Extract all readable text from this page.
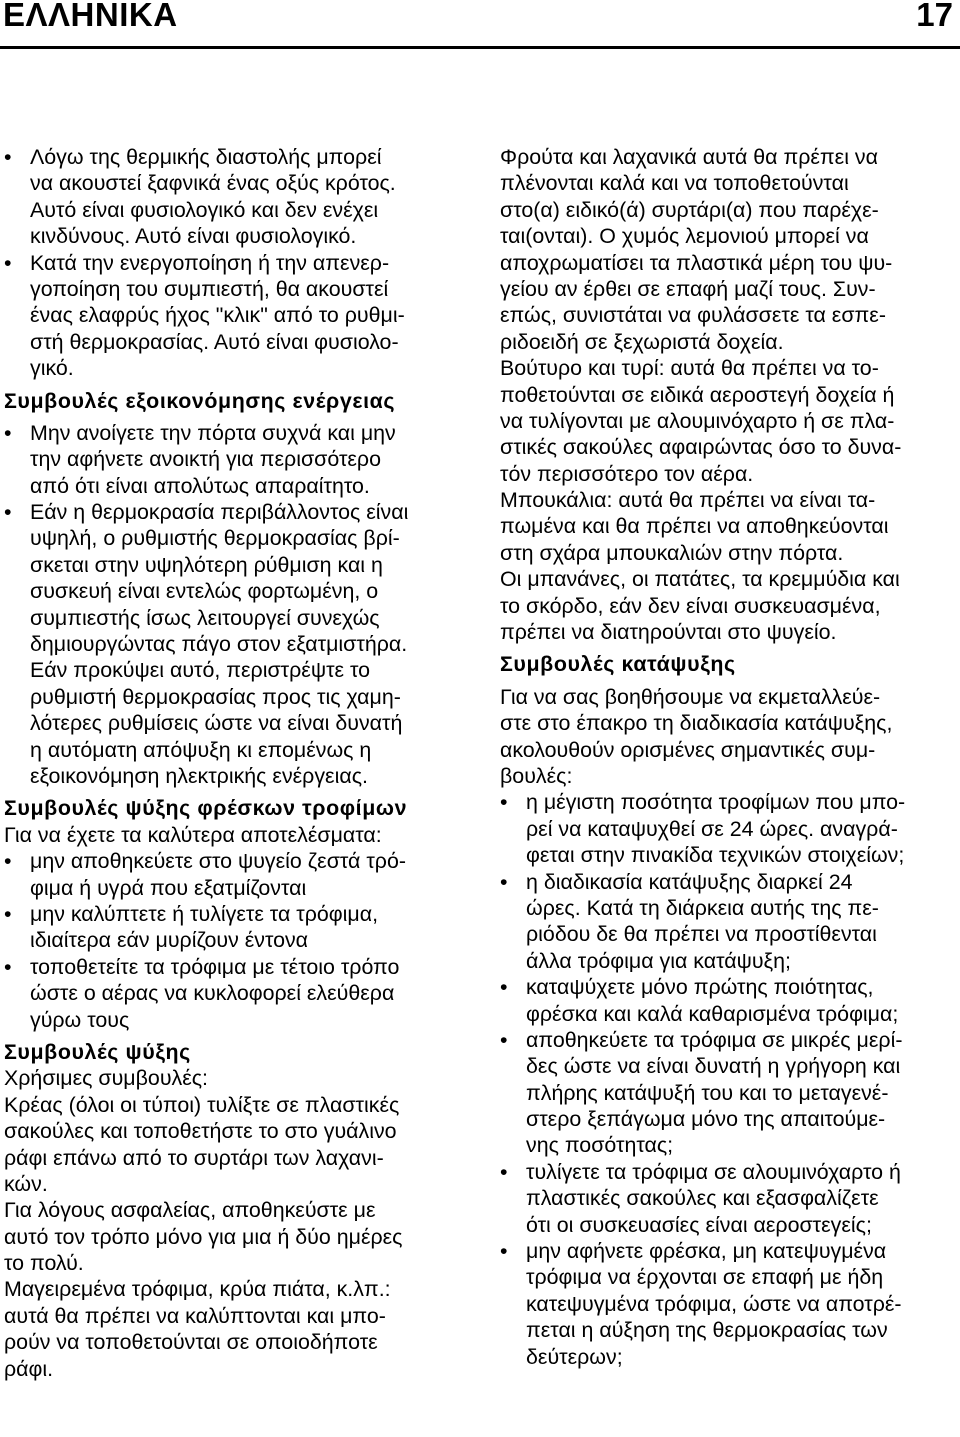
ΕΛΛΗΝΙΚΑ	17
• Λόγω της θερμικής διαστολής μπορεί
να ακουστεί ξαφνικά ένας οξύς κρότος.
Αυτό είναι φυσιολογικό και δεν ενέχει
κινδύνους. Αυτό είναι φυσιολογικό.
• Κατά την ενεργοποίηση ή την απενερ-
γοποίηση του συμπιεστή, θα ακουστεί
ένας ελαφρύς ήχος "κλικ" από το ρυθμι-
στή θερμοκρασίας. Αυτό είναι φυσιολο-
γικό.
Συμβουλές εξοικονόμησης ενέργειας
• Μην ανοίγετε την πόρτα συχνά και μην
την αφήνετε ανοικτή για περισσότερο
από ότι είναι απολύτως απαραίτητο.
• Εάν η θερμοκρασία περιβάλλοντος είναι
υψηλή, ο ρυθμιστής θερμοκρασίας βρί-
σκεται στην υψηλότερη ρύθμιση και η
συσκευή είναι εντελώς φορτωμένη, ο
συμπιεστής ίσως λειτουργεί συνεχώς
δημιουργώντας πάγο στον εξατμιστήρα.
Εάν προκύψει αυτό, περιστρέψτε το
ρυθμιστή θερμοκρασίας προς τις χαμη-
λότερες ρυθμίσεις ώστε να είναι δυνατή
η αυτόματη απόψυξη κι επομένως η
εξοικονόμηση ηλεκτρικής ενέργειας.
Συμβουλές ψύξης φρέσκων τροφίμων
Για να έχετε τα καλύτερα αποτελέσματα:
• μην αποθηκεύετε στο ψυγείο ζεστά τρό-
φιμα ή υγρά που εξατμίζονται
• μην καλύπτετε ή τυλίγετε τα τρόφιμα,
ιδιαίτερα εάν μυρίζουν έντονα
• τοποθετείτε τα τρόφιμα με τέτοιο τρόπο
ώστε ο αέρας να κυκλοφορεί ελεύθερα
γύρω τους
Συμβουλές ψύξης
Χρήσιμες συμβουλές:
Κρέας (όλοι οι τύποι) τυλίξτε σε πλαστικές
σακούλες και τοποθετήστε το στο γυάλινο
ράφι επάνω από το συρτάρι των λαχανι-
κών.
Για λόγους ασφαλείας, αποθηκεύστε με
αυτό τον τρόπο μόνο για μια ή δύο ημέρες
το πολύ.
Μαγειρεμένα τρόφιμα, κρύα πιάτα, κ.λπ.:
αυτά θα πρέπει να καλύπτονται και μπο-
ρούν να τοποθετούνται σε οποιοδήποτε
ράφι.
Φρούτα και λαχανικά αυτά θα πρέπει να
πλένονται καλά και να τοποθετούνται
στο(α) ειδικό(ά) συρτάρι(α) που παρέχε-
ται(ονται). Ο χυμός λεμονιού μπορεί να
αποχρωματίσει τα πλαστικά μέρη του ψυ-
γείου αν έρθει σε επαφή μαζί τους. Συν-
επώς, συνιστάται να φυλάσσετε τα εσπε-
ριδοειδή σε ξεχωριστά δοχεία.
Βούτυρο και τυρί: αυτά θα πρέπει να το-
ποθετούνται σε ειδικά αεροστεγή δοχεία ή
να τυλίγονται με αλουμινόχαρτο ή σε πλα-
στικές σακούλες αφαιρώντας όσο το δυνα-
τόν περισσότερο τον αέρα.
Μπουκάλια: αυτά θα πρέπει να είναι τα-
πωμένα και θα πρέπει να αποθηκεύονται
στη σχάρα μπουκαλιών στην πόρτα.
Οι μπανάνες, οι πατάτες, τα κρεμμύδια και
το σκόρδο, εάν δεν είναι συσκευασμένα,
πρέπει να διατηρούνται στο ψυγείο.
Συμβουλές κατάψυξης
Για να σας βοηθήσουμε να εκμεταλλεύε-
στε στο έπακρο τη διαδικασία κατάψυξης,
ακολουθούν ορισμένες σημαντικές συμ-
βουλές:
• η μέγιστη ποσότητα τροφίμων που μπο-
ρεί να καταψυχθεί σε 24 ώρες. αναγρά-
φεται στην πινακίδα τεχνικών στοιχείων;
• η διαδικασία κατάψυξης διαρκεί 24
ώρες. Κατά τη διάρκεια αυτής της πε-
ριόδου δε θα πρέπει να προστίθενται
άλλα τρόφιμα για κατάψυξη;
• καταψύχετε μόνο πρώτης ποιότητας,
φρέσκα και καλά καθαρισμένα τρόφιμα;
• αποθηκεύετε τα τρόφιμα σε μικρές μερί-
δες ώστε να είναι δυνατή η γρήγορη και
πλήρης κατάψυξή του και το μεταγενέ-
στερο ξεπάγωμα μόνο της απαιτούμε-
νης ποσότητας;
• τυλίγετε τα τρόφιμα σε αλουμινόχαρτο ή
πλαστικές σακούλες και εξασφαλίζετε
ότι οι συσκευασίες είναι αεροστεγείς;
• μην αφήνετε φρέσκα, μη κατεψυγμένα
τρόφιμα να έρχονται σε επαφή με ήδη
κατεψυγμένα τρόφιμα, ώστε να αποτρέ-
πεται η αύξηση της θερμοκρασίας των
δεύτερων;
